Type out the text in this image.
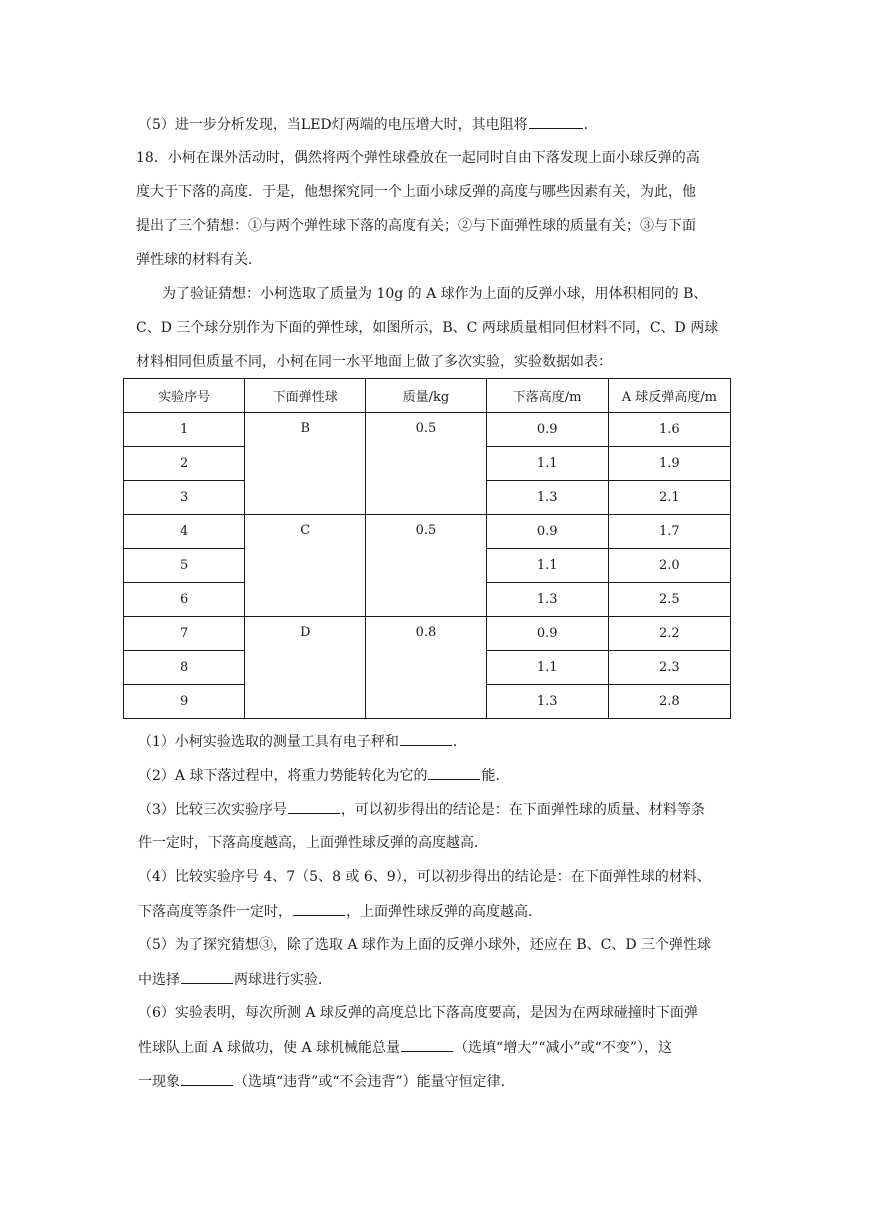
（5）进一步分析发现，当LED灯两端的电压增大时，其电阻将	．
18．小柯在课外活动时，偶然将两个弹性球叠放在一起同时自由下落发现上面小球反弹的高
度大于下落的高度．于是，他想探究同一个上面小球反弹的高度与哪些因素有关，为此，他
提出了三个猜想：①与两个弹性球下落的高度有关；②与下面弹性球的质量有关；③与下面
弹性球的材料有关．
为了验证猜想：小柯选取了质量为 10g 的 A 球作为上面的反弹小球，用体积相同的 B、
C、D 三个球分别作为下面的弹性球，如图所示，B、C 两球质量相同但材料不同，C、D 两球
材料相同但质量不同，小柯在同一水平地面上做了多次实验，实验数据如表：
实验序号	下面弹性球	质量/kg	下落高度/m	A 球反弹高度/m
1	B	0.5	0.9	1.6
2			1.1	1.9
3			1.3	2.1
4	C	0.5	0.9	1.7
5			1.1	2.0
6			1.3	2.5
7	D	0.8	0.9	2.2
8			1.1	2.3
9			1.3	2.8
（1）小柯实验选取的测量工具有电子秤和	．
（2）A 球下落过程中，将重力势能转化为它的	能．
（3）比较三次实验序号	，可以初步得出的结论是：在下面弹性球的质量、材料等条
件一定时，下落高度越高，上面弹性球反弹的高度越高．
（4）比较实验序号 4、7（5、8 或 6、9），可以初步得出的结论是：在下面弹性球的材料、
下落高度等条件一定时，	，上面弹性球反弹的高度越高．
（5）为了探究猜想③，除了选取 A 球作为上面的反弹小球外，还应在 B、C、D 三个弹性球
中选择	两球进行实验．
（6）实验表明，每次所测 A 球反弹的高度总比下落高度要高，是因为在两球碰撞时下面弹
性球队上面 A 球做功，使 A 球机械能总量	（选填“增大”“减小”或“不变”），这
一现象	（选填“违背”或“不会违背”）能量守恒定律．
